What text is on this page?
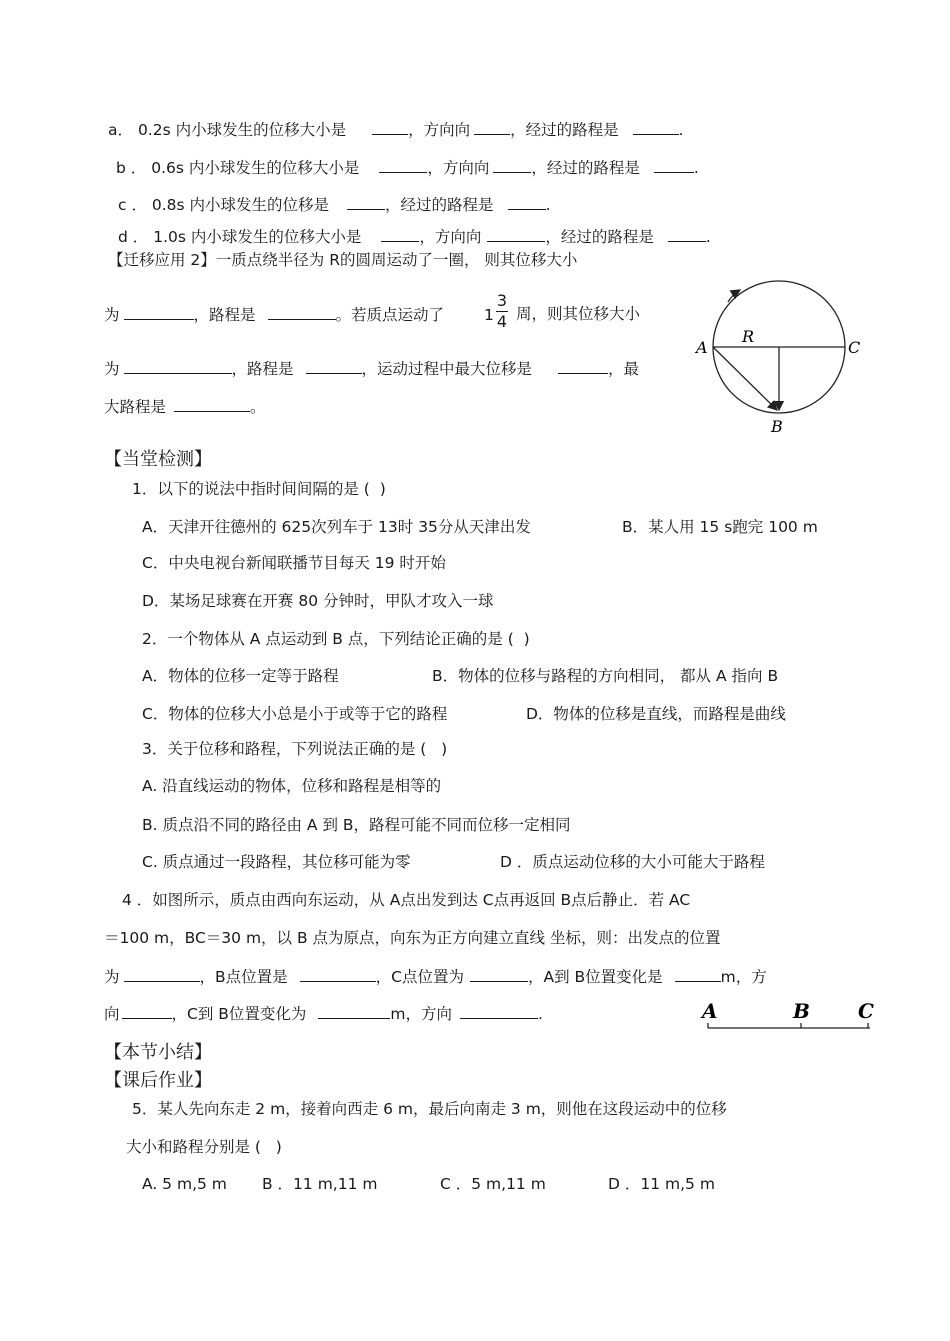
a． 0.2s 内小球发生的位移大小是	，方向向	，经过的路程是	.
b ． 0.6s 内小球发生的位移大小是	，方向向	，经过的路程是	.
c ． 0.8s 内小球发生的位移是	，经过的路程是	.
d ． 1.0s 内小球发生的位移大小是	，方向向	，经过的路程是	.
【迁移应用 2】一质点绕半径为 R的圆周运动了一圈， 则其位移大小
为	，路程是	。若质点运动了	1
3
4 周，则其位移大小
为	，路程是	，运动过程中最大位移是	，最
大路程是	。
A
R
C
B
【当堂检测】
1．以下的说法中指时间间隔的是 (  )
A．天津开往德州的 625次列车于 13时 35分从天津出发	B．某人用 15 s跑完 100 m
C．中央电视台新闻联播节目每天 19 时开始
D．某场足球赛在开赛 80 分钟时，甲队才攻入一球
2．一个物体从 A 点运动到 B 点，下列结论正确的是 (  )
A．物体的位移一定等于路程	B．物体的位移与路程的方向相同， 都从 A 指向 B
C．物体的位移大小总是小于或等于它的路程	D．物体的位移是直线，而路程是曲线
3．关于位移和路程，下列说法正确的是 (   )
A. 沿直线运动的物体，位移和路程是相等的
B. 质点沿不同的路径由 A 到 B，路程可能不同而位移一定相同
C. 质点通过一段路程，其位移可能为零	D ．质点运动位移的大小可能大于路程
4 ．如图所示，质点由西向东运动，从 A点出发到达 C点再返回 B点后静止．若 AC
＝100 m，BC＝30 m，以 B 点为原点，向东为正方向建立直线 坐标，则：出发点的位置
为	，B点位置是	，C点位置为	，A到 B位置变化是	m，方
向	，C到 B位置变化为	m，方向	.	A	B C
【本节小结】
【课后作业】
5．某人先向东走 2 m，接着向西走 6 m，最后向南走 3 m，则他在这段运动中的位移
大小和路程分别是 (   )
A. 5 m,5 m B ．11 m,11 m	C ．5 m,11 m	D ．11 m,5 m
